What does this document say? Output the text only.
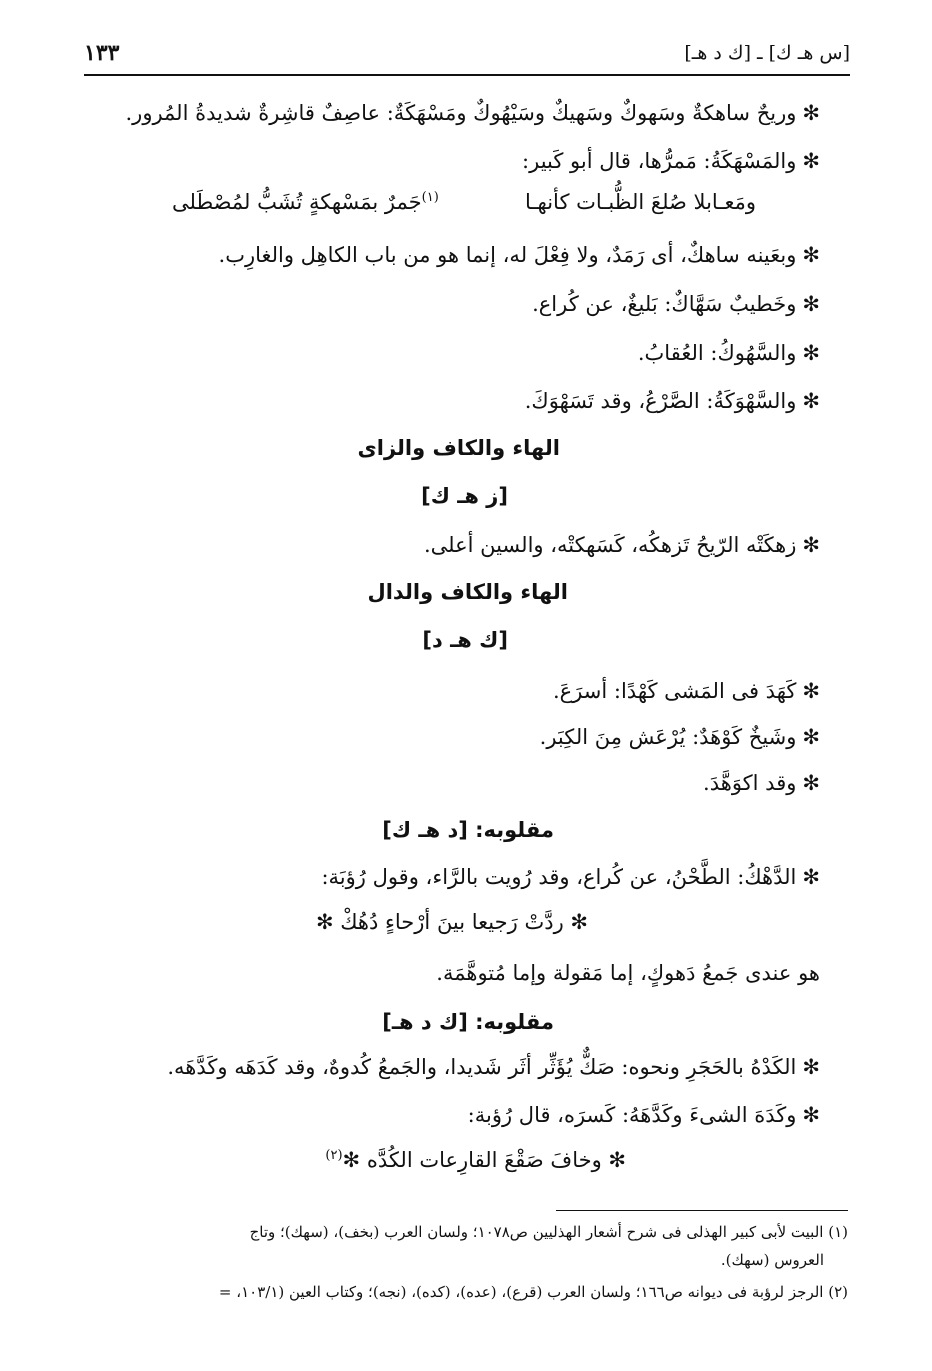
[س هـ ك] ـ [ك د هـ]
١٣٣
✻وريحٌ ساهكةٌ وسَهوكٌ وسَهيكٌ وسَيْهُوكٌ ومَسْهَكَةٌ: عاصِفٌ قاشِرةٌ شديدةُ المُرور.
✻والمَسْهَكَةُ: مَمرُّها، قال أبو كَبير:
ومَعـابلا صُلعَ الظُّبـات كأنهـا
$^{(١)}$جَمرٌ بمَسْهكةٍ تُشَبُّ لمُصْطَلى
✻وبعَينه ساهكٌ، أى رَمَدٌ، ولا فِعْلَ له، إنما هو من باب الكاهِل والغارِب.
✻وخَطيبٌ سَهَّاكٌ: بَليغٌ، عن كُراع.
✻والسَّهُوكُ: العُقابُ.
✻والسَّهْوَكَةُ: الصَّرْعُ، وقد تَسَهْوَكَ.
الهاء والكاف والزاى
[ز هـ ك]
✻زهكَتْه الرّيحُ تَزهكُه، كَسَهكتْه، والسين أعلى.
الهاء والكاف والدال
[ك هـ د]
✻كَهَدَ فى المَشى كَهْدًا: أسرَعَ.
✻وشَيخٌ كَوْهَدٌ: يُرْعَش مِنَ الكِبَر.
✻وقد اكوَهَّدَ.
مقلوبه: [د هـ ك]
✻الدَّهْكُ: الطَّحْنُ، عن كُراع، وقد رُويت بالرَّاء، وقول رُؤبَة:
✻ ردَّتْ رَجيعا بينَ أرْحاءٍ دُهُكْ ✻
هو عندى جَمعُ دَهوكٍ، إما مَقولة وإما مُتوهَّمَة.
مقلوبه: [ك د هـ]
✻الكَدْهُ بالحَجَرِ ونحوه: صَكٌّ يُؤَثِّر أثَر شَديدا، والجَمعُ كُدوهٌ، وقد كَدَهَه وكَدَّهَه.
✻وكَدَهَ الشىءَ وكَدَّهَهُ: كَسرَه، قال رُؤبة:
✻ وخافَ صَقْعَ القارِعات الكُدَّه ✻$^{(٢)}$
(١) البيت لأبى كبير الهذلى فى شرح أشعار الهذليين ص١٠٧٨؛ ولسان العرب (بخف)، (سهك)؛ وتاج
العروس (سهك).
(٢) الرجز لرؤبة فى ديوانه ص١٦٦؛ ولسان العرب (قرع)، (عده)، (كده)، (نجه)؛ وكتاب العين (١٠٣/١، =
